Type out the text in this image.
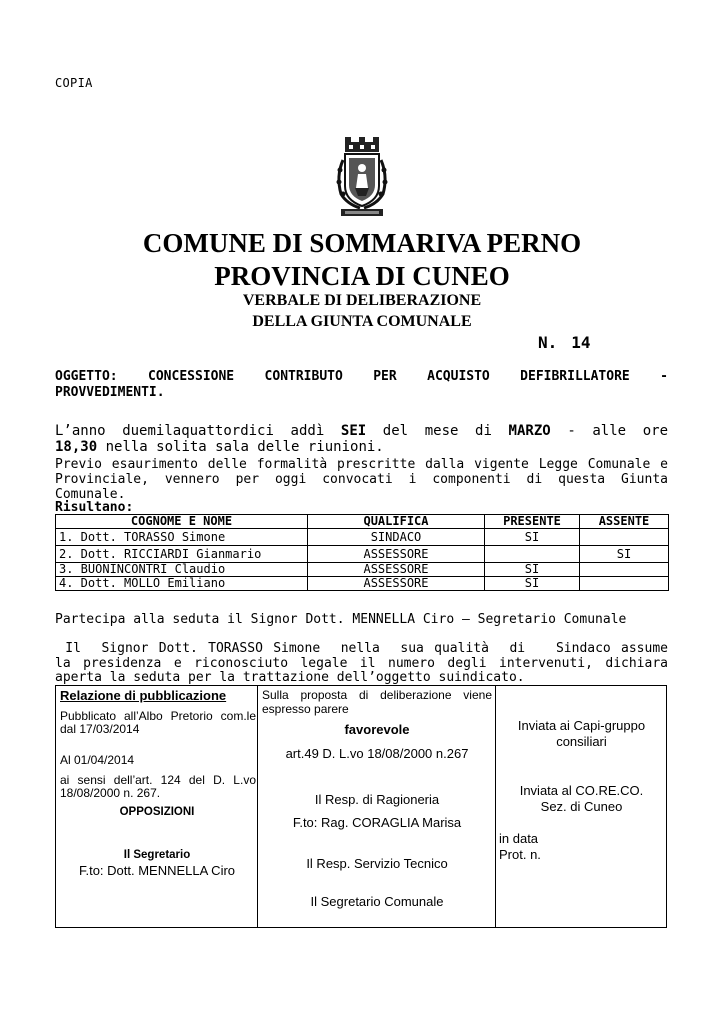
COPIA
COMUNE DI SOMMARIVA PERNO
PROVINCIA DI CUNEO
VERBALE DI DELIBERAZIONE
DELLA GIUNTA COMUNALE
N. 14
OGGETTO: CONCESSIONE CONTRIBUTO PER ACQUISTO DEFIBRILLATORE -
PROVVEDIMENTI.
L’anno duemilaquattordici addì SEI del mese di MARZO - alle ore
18,30 nella solita sala delle riunioni.
Previo esaurimento delle formalità prescritte dalla vigente Legge Comunale e Provinciale, vennero per oggi convocati i componenti di questa Giunta Comunale.
Risultano:
COGNOME E NOME	QUALIFICA	PRESENTE	ASSENTE
1. Dott. TORASSO Simone	SINDACO	SI	
2. Dott. RICCIARDI Gianmario	ASSESSORE		SI
3. BUONINCONTRI Claudio	ASSESSORE	SI	
4. Dott. MOLLO Emiliano	ASSESSORE	SI	
Partecipa alla seduta il Signor Dott. MENNELLA Ciro – Segretario Comunale
Il  Signor Dott. TORASSO Simone  nella  sua qualità  di   Sindaco assume
la presidenza e riconosciuto legale il numero degli intervenuti, dichiara
aperta la seduta per la trattazione dell’oggetto suindicato.
Relazione di pubblicazione
Pubblicato all’Albo Pretorio com.le dal 17/03/2014
Al 01/04/2014
ai sensi dell’art. 124 del D. L.vo 18/08/2000 n. 267.
OPPOSIZIONI
Il Segretario
F.to: Dott. MENNELLA Ciro
Sulla proposta di deliberazione viene espresso parere
favorevole
art.49 D. L.vo 18/08/2000 n.267
Il Resp. di Ragioneria
F.to: Rag. CORAGLIA Marisa
Il Resp. Servizio Tecnico
Il Segretario Comunale
Inviata ai Capi-gruppo
consiliari
Inviata al CO.RE.CO.
Sez. di Cuneo
in data
Prot. n.
